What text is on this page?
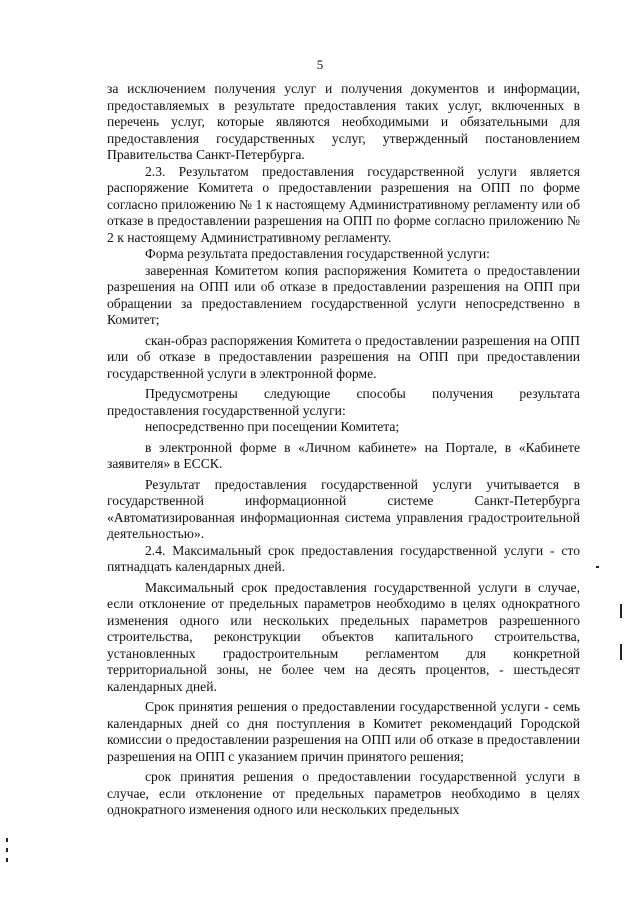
5

за исключением получения услуг и получения документов и информации, предоставляемых в результате предоставления таких услуг, включенных в перечень услуг, которые являются необходимыми и обязательными для предоставления государственных услуг, утвержденный постановлением Правительства Санкт-Петербурга.

2.3. Результатом предоставления государственной услуги является распоряжение Комитета о предоставлении разрешения на ОПП по форме согласно приложению № 1 к настоящему Административному регламенту или об отказе в предоставлении разрешения на ОПП по форме согласно приложению № 2 к настоящему Административному регламенту.

Форма результата предоставления государственной услуги:

заверенная Комитетом копия распоряжения Комитета о предоставлении разрешения на ОПП или об отказе в предоставлении разрешения на ОПП при обращении за предоставлением государственной услуги непосредственно в Комитет;

скан-образ распоряжения Комитета о предоставлении разрешения на ОПП или об отказе в предоставлении разрешения на ОПП при предоставлении государственной услуги в электронной форме.

Предусмотрены следующие способы получения результата предоставления государственной услуги:

непосредственно при посещении Комитета;

в электронной форме в «Личном кабинете» на Портале, в «Кабинете заявителя» в ЕССК.

Результат предоставления государственной услуги учитывается в государственной информационной системе Санкт-Петербурга «Автоматизированная информационная система управления градостроительной деятельностью».

2.4. Максимальный срок предоставления государственной услуги - сто пятнадцать календарных дней.

Максимальный срок предоставления государственной услуги в случае, если отклонение от предельных параметров необходимо в целях однократного изменения одного или нескольких предельных параметров разрешенного строительства, реконструкции объектов капитального строительства, установленных градостроительным регламентом для конкретной территориальной зоны, не более чем на десять процентов, - шестьдесят календарных дней.

Срок принятия решения о предоставлении государственной услуги - семь календарных дней со дня поступления в Комитет рекомендаций Городской комиссии о предоставлении разрешения на ОПП или об отказе в предоставлении разрешения на ОПП с указанием причин принятого решения;

срок принятия решения о предоставлении государственной услуги в случае, если отклонение от предельных параметров необходимо в целях однократного изменения одного или нескольких предельных
